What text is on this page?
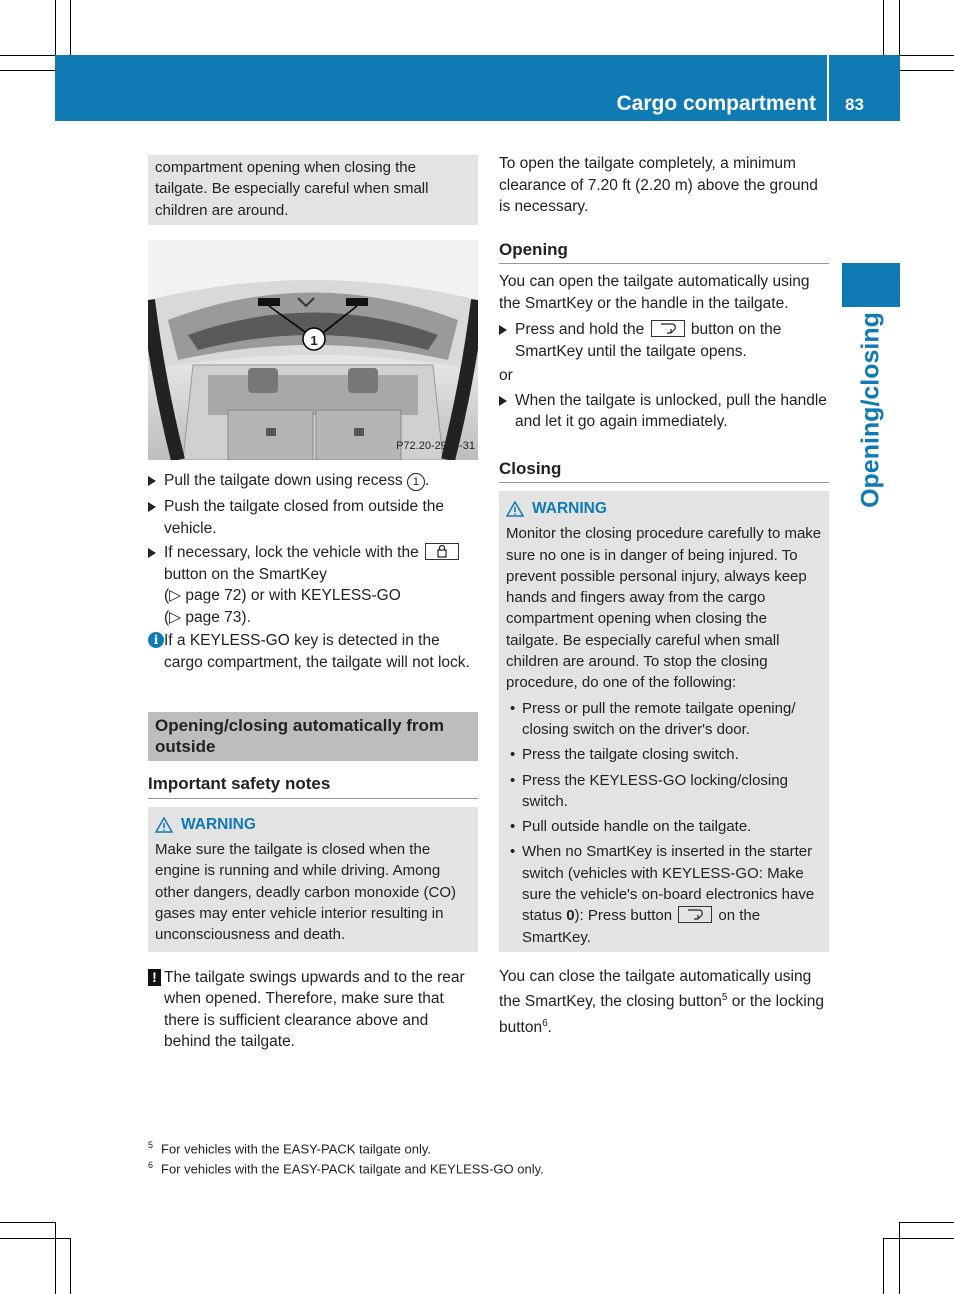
Cargo compartment 83
Opening/closing

compartment opening when closing the tailgate. Be especially careful when small children are around.

1
P72.20-2914-31
Pull the tailgate down using recess 1 .
Push the tailgate closed from outside the vehicle.
If necessary, lock the vehicle with the  button on the SmartKey
(▷ page 72) or with KEYLESS-GO
(▷ page 73).
i If a KEYLESS-GO key is detected in the cargo compartment, the tailgate will not lock.
Opening/closing automatically from outside
Important safety notes
WARNING

Make sure the tailgate is closed when the engine is running and while driving. Among other dangers, deadly carbon monoxide (CO) gases may enter vehicle interior resulting in unconsciousness and death.

! The tailgate swings upwards and to the rear when opened. Therefore, make sure that there is sufficient clearance above and behind the tailgate.

To open the tailgate completely, a minimum clearance of 7.20 ft (2.20 m) above the ground is necessary.

Opening

You can open the tailgate automatically using the SmartKey or the handle in the tailgate.

Press and hold the  button on the SmartKey until the tailgate opens.

or

When the tailgate is unlocked, pull the handle and let it go again immediately.
Closing
WARNING

Monitor the closing procedure carefully to make sure no one is in danger of being injured. To prevent possible personal injury, always keep hands and fingers away from the cargo compartment opening when closing the tailgate. Be especially careful when small children are around. To stop the closing procedure, do one of the following:

• Press or pull the remote tailgate opening/ closing switch on the driver's door.
• Press the tailgate closing switch.
• Press the KEYLESS-GO locking/closing switch.
• Pull outside handle on the tailgate.
• When no SmartKey is inserted in the starter switch (vehicles with KEYLESS-GO: Make sure the vehicle's on-board electronics have status 0): Press button	on the SmartKey.

You can close the tailgate automatically using the SmartKey, the closing button$^5$ or the locking button$^6$.

$^5$ For vehicles with the EASY-PACK tailgate only.
$^6$ For vehicles with the EASY-PACK tailgate and KEYLESS-GO only.
